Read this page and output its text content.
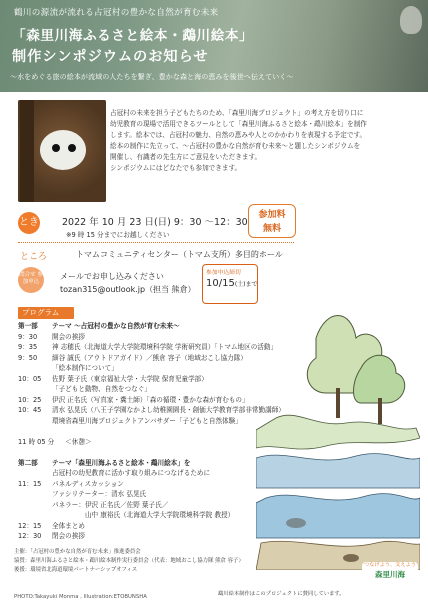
鶴川の源流が流れる占冠村の豊かな自然が育む未来
「森里川海ふるさと絵本・鵡川絵本」
制作シンポジウムのお知らせ
～水をめぐる旅の絵本が流域の人たちを繋ぎ、豊かな森と海の恵みを後世へ伝えていく～

占冠村の未来を担う子どもたちのため、「森里川海プロジェクト」の考え方を切り口に

幼児教育の現場で活用できるツールとして「森里川海ふるさと絵本・鵡川絵本」を制作

します。絵本では、占冠村の魅力、自然の恵みや人とのかかわりを表現する予定です。

絵本の制作に先立って、～占冠村の豊かな自然が育む未来～と題したシンポジウムを

開催し、有識者の先生方にご意見をいただきます。

シンポジウムにはどなたでも参加できます。

とき 2022 年 10 月 23 日(日) 9：30 ～12：30
※9 時 15 分までにお越しください
参加料
無料
ところ	トマムコミュニティセンター（トマム支所）多目的ホール
問合せ 参加申込
メールでお申し込みください
tozan315@outlook.jp（担当 熊倉）
参加申込締切
10/15(土)まで
プログラム
第一部	テーマ ～占冠村の豊かな自然が育む未来～
9：30	開会の挨拶
9：35	神 志穂氏（北海道大学大学院環境科学院 学術研究員）「トマム地区の活動」
9：50	細谷 誠氏（アウトドアガイド）／熊倉 容子（地域おこし協力隊）
「絵本制作について」
10：05	佐野 葉子氏（東京福祉大学・大学院 保育児童学部）
「子どもと動物、自然をつなぐ」
10：25	伊沢 正名氏（写真家・糞土師）「森の循環・豊かな森が育むもの」
10：45	清水 弘晃氏（八王子学園なかよし幼稚園園長・創価大学教育学部非常勤講師）
環境省森里川海プロジェクトアンバサダー「子どもと自然体験」
11 時 05 分
　　＜休憩＞
第二部	テーマ「森里川海ふるさと絵本・鵡川絵本」を
占冠村の幼児教育に活かす取り組みにつなげるために
11：15	パネルディスカッション
ファシリテーター：清水 弘晃氏
パネラー：伊沢 正名氏／佐野 葉子氏／
　　　　　山中 康裕氏（北海道大学大学院環境科学院 教授）
12：15	全体まとめ
12：30	閉会の挨拶
主催：「占冠村の豊かな自然が育む未来」推進委員会
協賛：森里川海ふるさと絵本・鵡川絵本制作実行委員会（代表：地域おこし協力隊 熊倉 容子）
後援：環境省北海道環境パートナーシップオフィス
鵡川絵本制作はこのプロジェクトに賛同しています。
PHOTO:Takayuki Monma , Illustration:ETOBUNSHA
つなげよう、支えよう
森里川海
